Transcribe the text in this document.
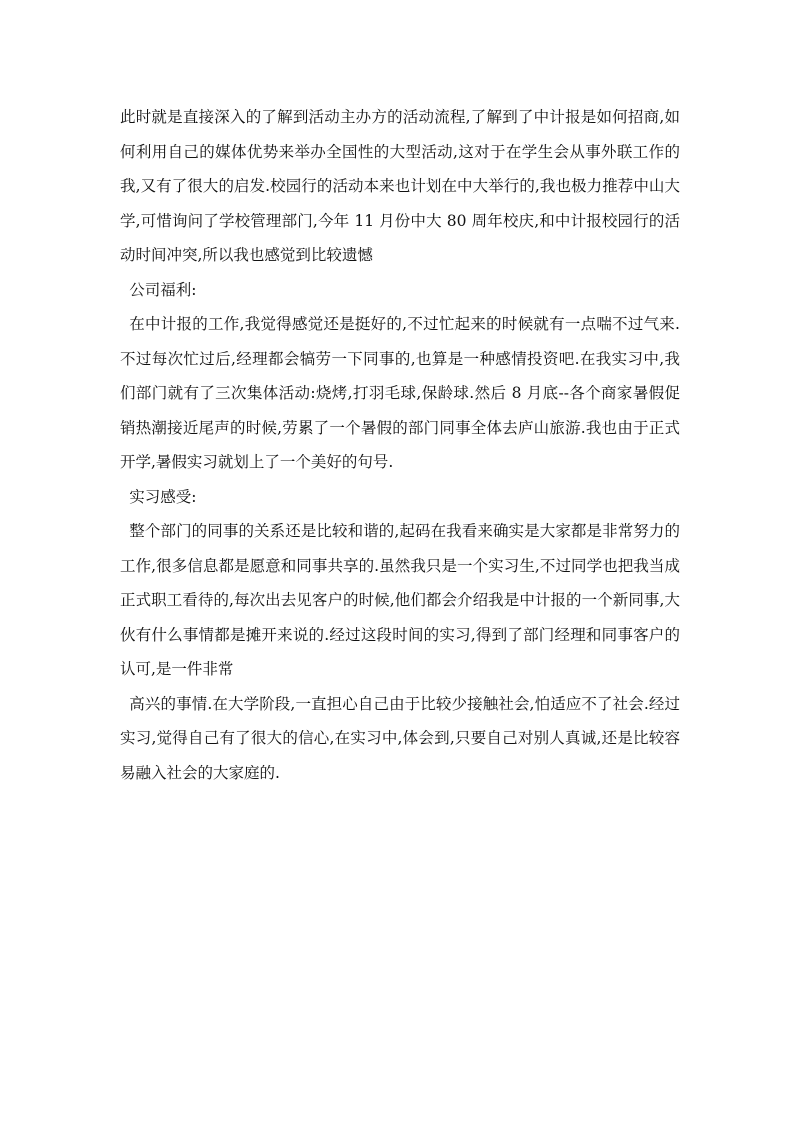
此时就是直接深入的了解到活动主办方的活动流程,了解到了中计报是如何招商,如何利用自己的媒体优势来举办全国性的大型活动,这对于在学生会从事外联工作的我,又有了很大的启发.校园行的活动本来也计划在中大举行的,我也极力推荐中山大学,可惜询问了学校管理部门,今年 11 月份中大 80 周年校庆,和中计报校园行的活动时间冲突,所以我也感觉到比较遗憾

公司福利:

在中计报的工作,我觉得感觉还是挺好的,不过忙起来的时候就有一点喘不过气来.不过每次忙过后,经理都会犒劳一下同事的,也算是一种感情投资吧.在我实习中,我们部门就有了三次集体活动:烧烤,打羽毛球,保龄球.然后 8 月底--各个商家暑假促销热潮接近尾声的时候,劳累了一个暑假的部门同事全体去庐山旅游.我也由于正式开学,暑假实习就划上了一个美好的句号.

实习感受:

整个部门的同事的关系还是比较和谐的,起码在我看来确实是大家都是非常努力的工作,很多信息都是愿意和同事共享的.虽然我只是一个实习生,不过同学也把我当成正式职工看待的,每次出去见客户的时候,他们都会介绍我是中计报的一个新同事,大伙有什么事情都是摊开来说的.经过这段时间的实习,得到了部门经理和同事客户的认可,是一件非常

高兴的事情.在大学阶段,一直担心自己由于比较少接触社会,怕适应不了社会.经过实习,觉得自己有了很大的信心,在实习中,体会到,只要自己对别人真诚,还是比较容易融入社会的大家庭的.
